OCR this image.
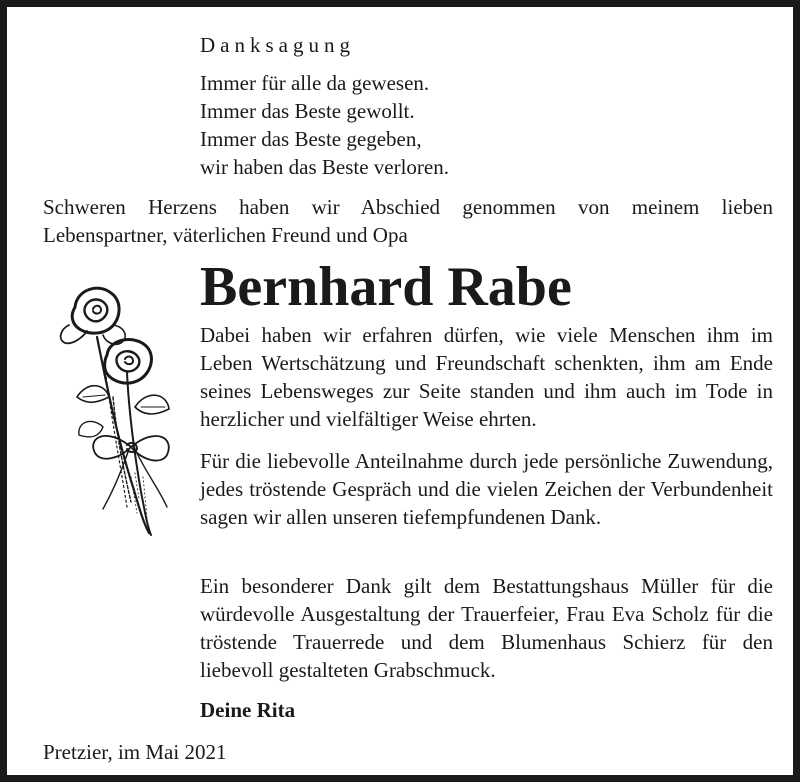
Danksagung
Immer für alle da gewesen.
Immer das Beste gewollt.
Immer das Beste gegeben,
wir haben das Beste verloren.

Schweren Herzens haben wir Abschied genommen von meinem lieben
Lebenspartner, väterlichen Freund und Opa

Bernhard Rabe

Dabei haben wir erfahren dürfen, wie viele Menschen ihm im Leben Wertschätzung und Freundschaft schenkten, ihm am Ende seines Lebensweges zur Seite standen und ihm auch im Tode in herzlicher und vielfältiger Weise ehrten.

Für die liebevolle Anteilnahme durch jede persönliche Zuwendung, jedes tröstende Gespräch und die vielen Zeichen der Verbundenheit sagen wir allen unseren tiefempfundenen Dank.

Ein besonderer Dank gilt dem Bestattungshaus Müller für die würdevolle Ausgestaltung der Trauerfeier, Frau Eva Scholz für die tröstende Trauerrede und dem Blumenhaus Schierz für den liebevoll gestalteten Grabschmuck.

Deine Rita

Pretzier, im Mai 2021
